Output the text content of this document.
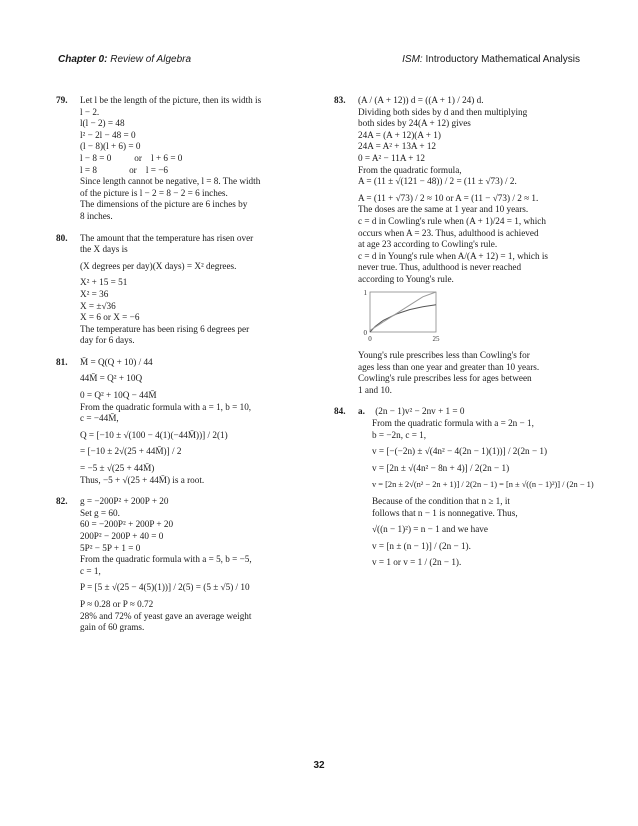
Chapter 0: Review of Algebra	ISM: Introductory Mathematical Analysis
79.	Let l be the length of the picture, then its width is
l − 2.
l(l − 2) = 48
l² − 2l − 48 = 0
(l − 8)(l + 6) = 0
l − 8 = 0          or    l + 6 = 0
l = 8              or    l = −6
Since length cannot be negative, l = 8. The width
of the picture is l − 2 = 8 − 2 = 6 inches.
The dimensions of the picture are 6 inches by
8 inches.
80.	The amount that the temperature has risen over
the X days is
(X degrees per day)(X days) = X² degrees.
X² + 15 = 51
X² = 36
X = ±√36
X = 6 or X = −6
The temperature has been rising 6 degrees per
day for 6 days.
81.	M̄ = Q(Q + 10) / 44
44M̄ = Q² + 10Q
0 = Q² + 10Q − 44M̄
From the quadratic formula with a = 1, b = 10,
c = −44M̄,
Q = [−10 ± √(100 − 4(1)(−44M̄))] / 2(1)
= [−10 ± 2√(25 + 44M̄)] / 2
= −5 ± √(25 + 44M̄)
Thus, −5 + √(25 + 44M̄) is a root.
82.	g = −200P² + 200P + 20
Set g = 60.
60 = −200P² + 200P + 20
200P² − 200P + 40 = 0
5P² − 5P + 1 = 0
From the quadratic formula with a = 5, b = −5,
c = 1,
P = [5 ± √(25 − 4(5)(1))] / 2(5) = (5 ± √5) / 10
P ≈ 0.28 or P ≈ 0.72
28% and 72% of yeast gave an average weight
gain of 60 grams.
83.	(A / (A + 12)) d = ((A + 1) / 24) d.
Dividing both sides by d and then multiplying
both sides by 24(A + 12) gives
24A = (A + 12)(A + 1)
24A = A² + 13A + 12
0 = A² − 11A + 12
From the quadratic formula,
A = (11 ± √(121 − 48)) / 2 = (11 ± √73) / 2.
A = (11 + √73) / 2 ≈ 10 or A = (11 − √73) / 2 ≈ 1.
The doses are the same at 1 year and 10 years.
c = d in Cowling's rule when (A + 1)/24 = 1, which
occurs when A = 23. Thus, adulthood is achieved
at age 23 according to Cowling's rule.
c = d in Young's rule when A/(A + 12) = 1, which is
never true. Thus, adulthood is never reached
according to Young's rule.
0	25
0
1
Young's rule prescribes less than Cowling's for
ages less than one year and greater than 10 years.
Cowling's rule prescribes less for ages between
1 and 10.
84.	a. (2n − 1)v² − 2nv + 1 = 0
From the quadratic formula with a = 2n − 1,
b = −2n, c = 1,
v = [−(−2n) ± √(4n² − 4(2n − 1)(1))] / 2(2n − 1)
v = [2n ± √(4n² − 8n + 4)] / 2(2n − 1)
v = [2n ± 2√(n² − 2n + 1)] / 2(2n − 1) = [n ± √((n − 1)²)] / (2n − 1)
Because of the condition that n ≥ 1, it
follows that n − 1 is nonnegative. Thus,
√((n − 1)²) = n − 1 and we have
v = [n ± (n − 1)] / (2n − 1).
v = 1 or v = 1 / (2n − 1).
32
